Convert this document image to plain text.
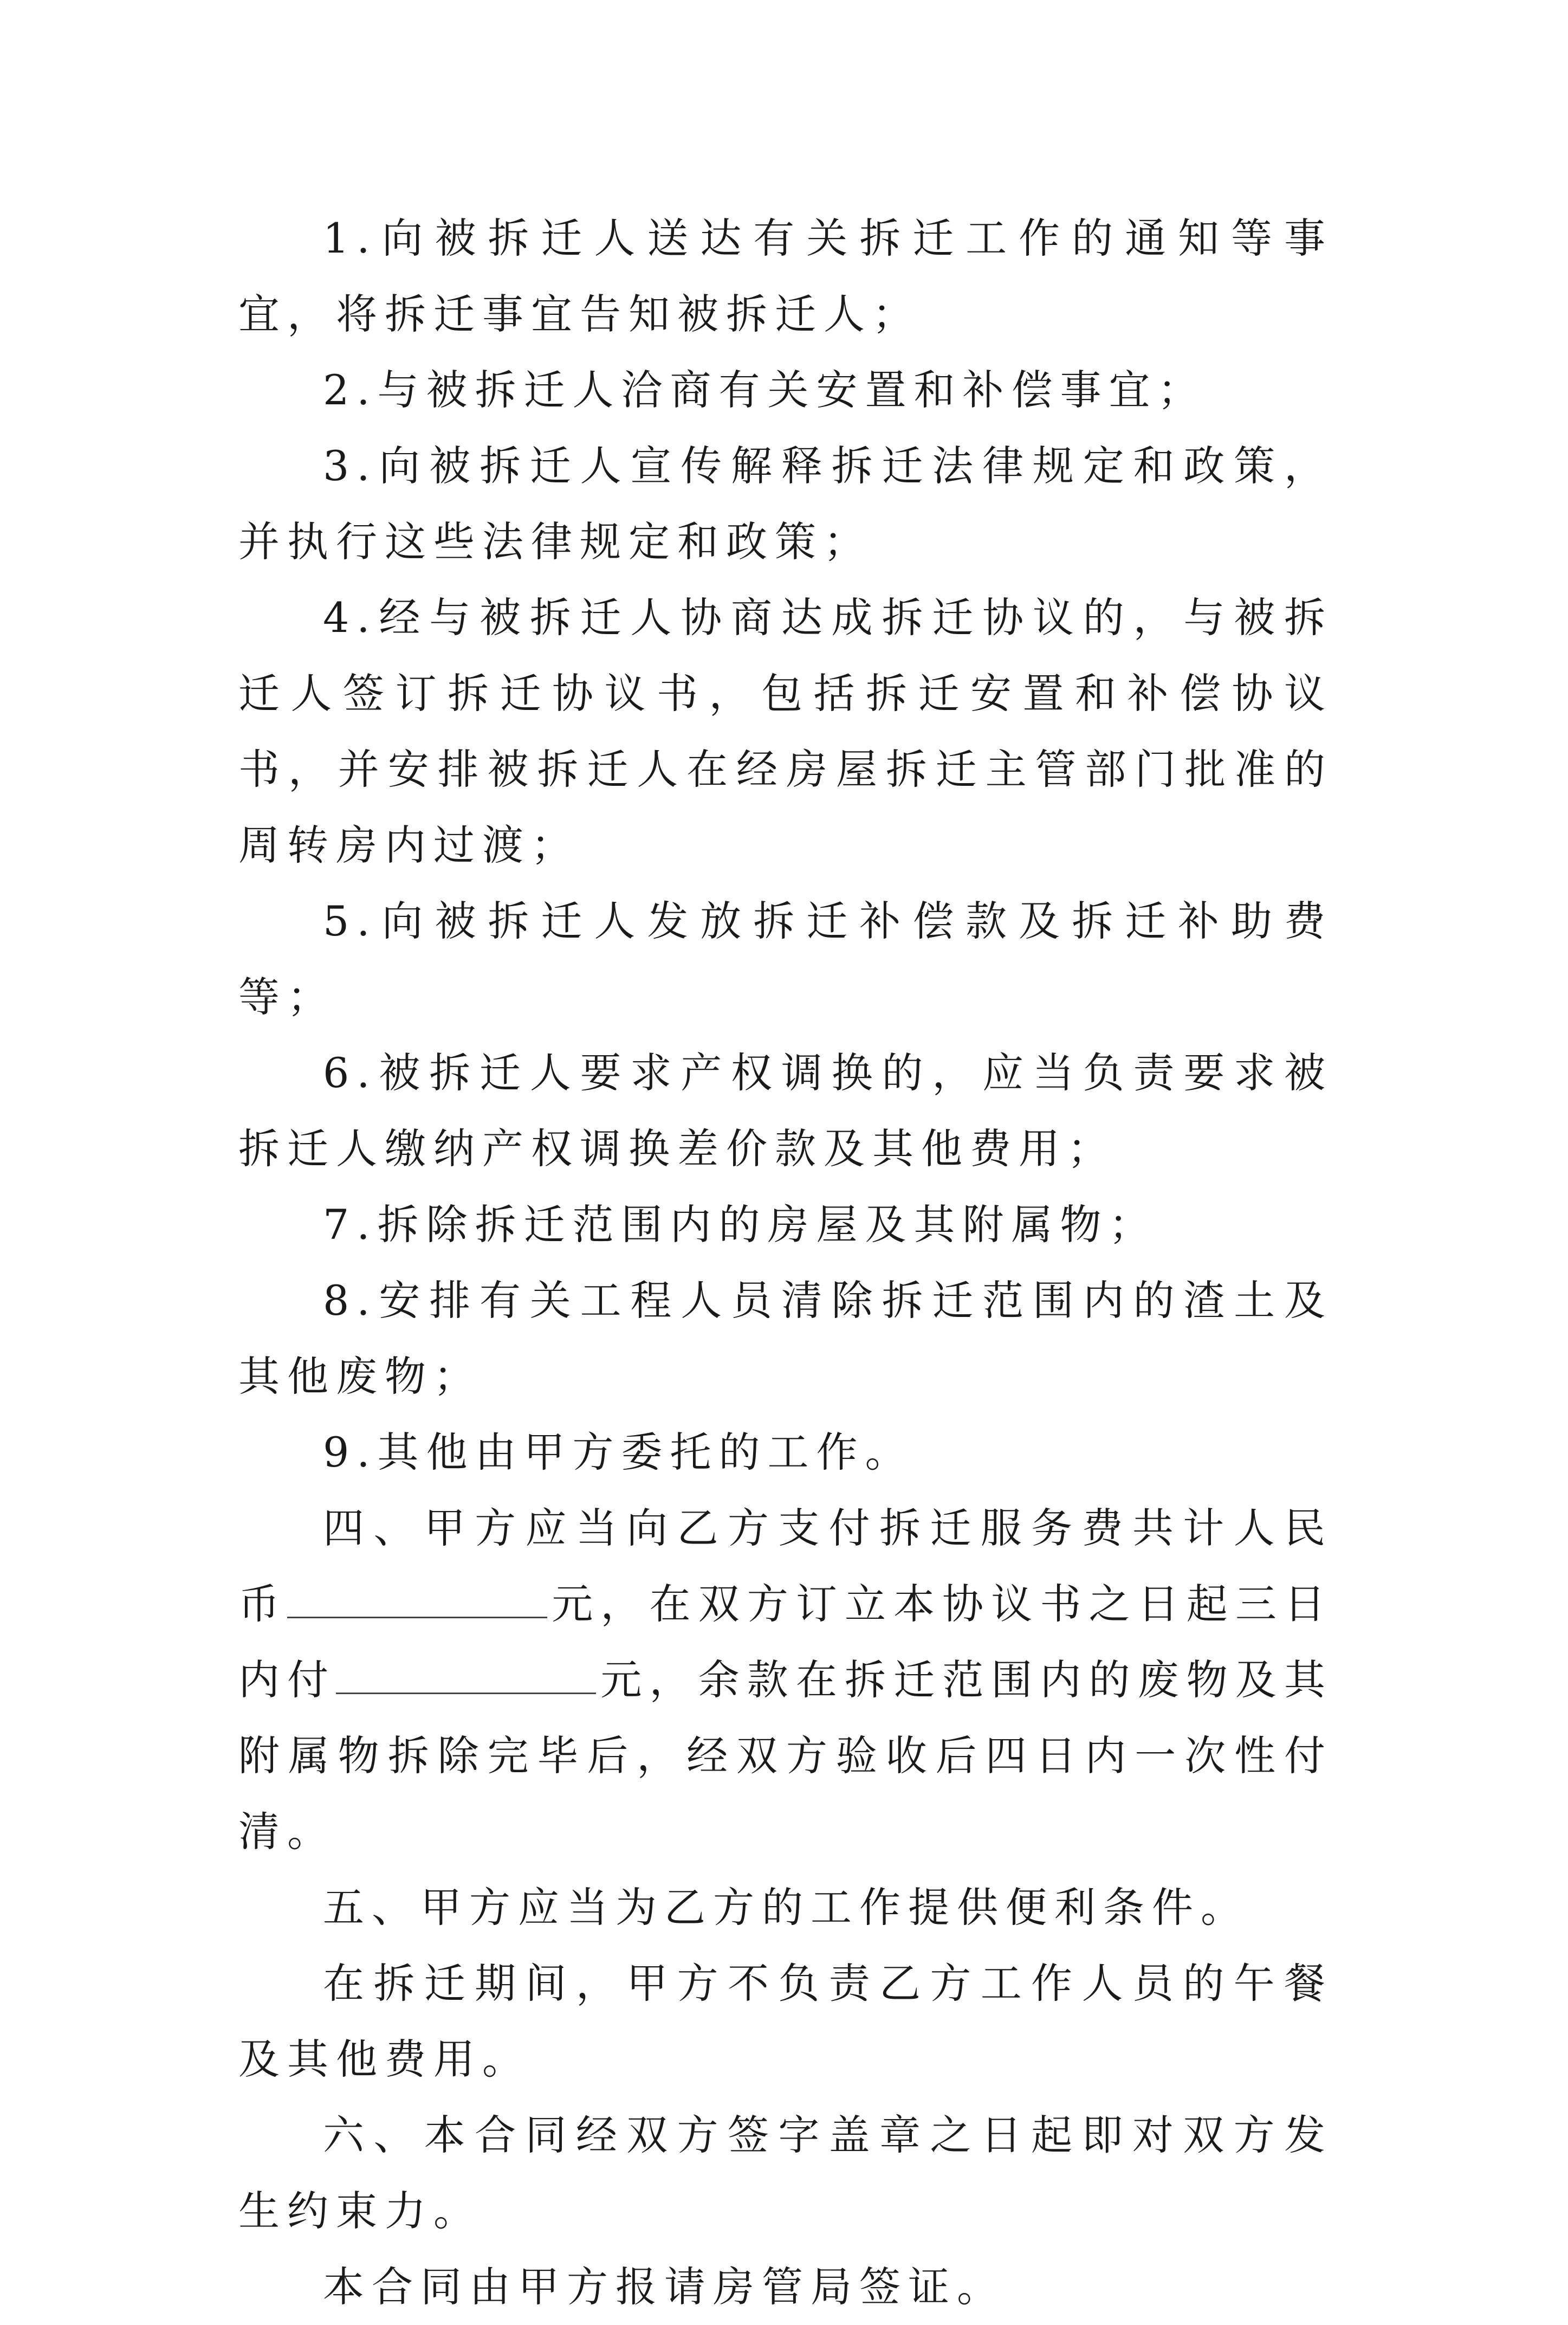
1.向被拆迁人送达有关拆迁工作的通知等事宜，将拆迁事宜告知被拆迁人；

2.与被拆迁人洽商有关安置和补偿事宜；

3.向被拆迁人宣传解释拆迁法律规定和政策，并执行这些法律规定和政策；

4.经与被拆迁人协商达成拆迁协议的，与被拆迁人签订拆迁协议书，包括拆迁安置和补偿协议书，并安排被拆迁人在经房屋拆迁主管部门批准的周转房内过渡；

5.向被拆迁人发放拆迁补偿款及拆迁补助费等；

6.被拆迁人要求产权调换的，应当负责要求被拆迁人缴纳产权调换差价款及其他费用；

7.拆除拆迁范围内的房屋及其附属物；

8.安排有关工程人员清除拆迁范围内的渣土及其他废物；

9.其他由甲方委托的工作。

四、甲方应当向乙方支付拆迁服务费共计人民币	元，在双方订立本协议书之日起三日内付	元，余款在拆迁范围内的废物及其附属物拆除完毕后，经双方验收后四日内一次性付清。

五、甲方应当为乙方的工作提供便利条件。

在拆迁期间，甲方不负责乙方工作人员的午餐及其他费用。

六、本合同经双方签字盖章之日起即对双方发生约束力。

本合同由甲方报请房管局签证。
